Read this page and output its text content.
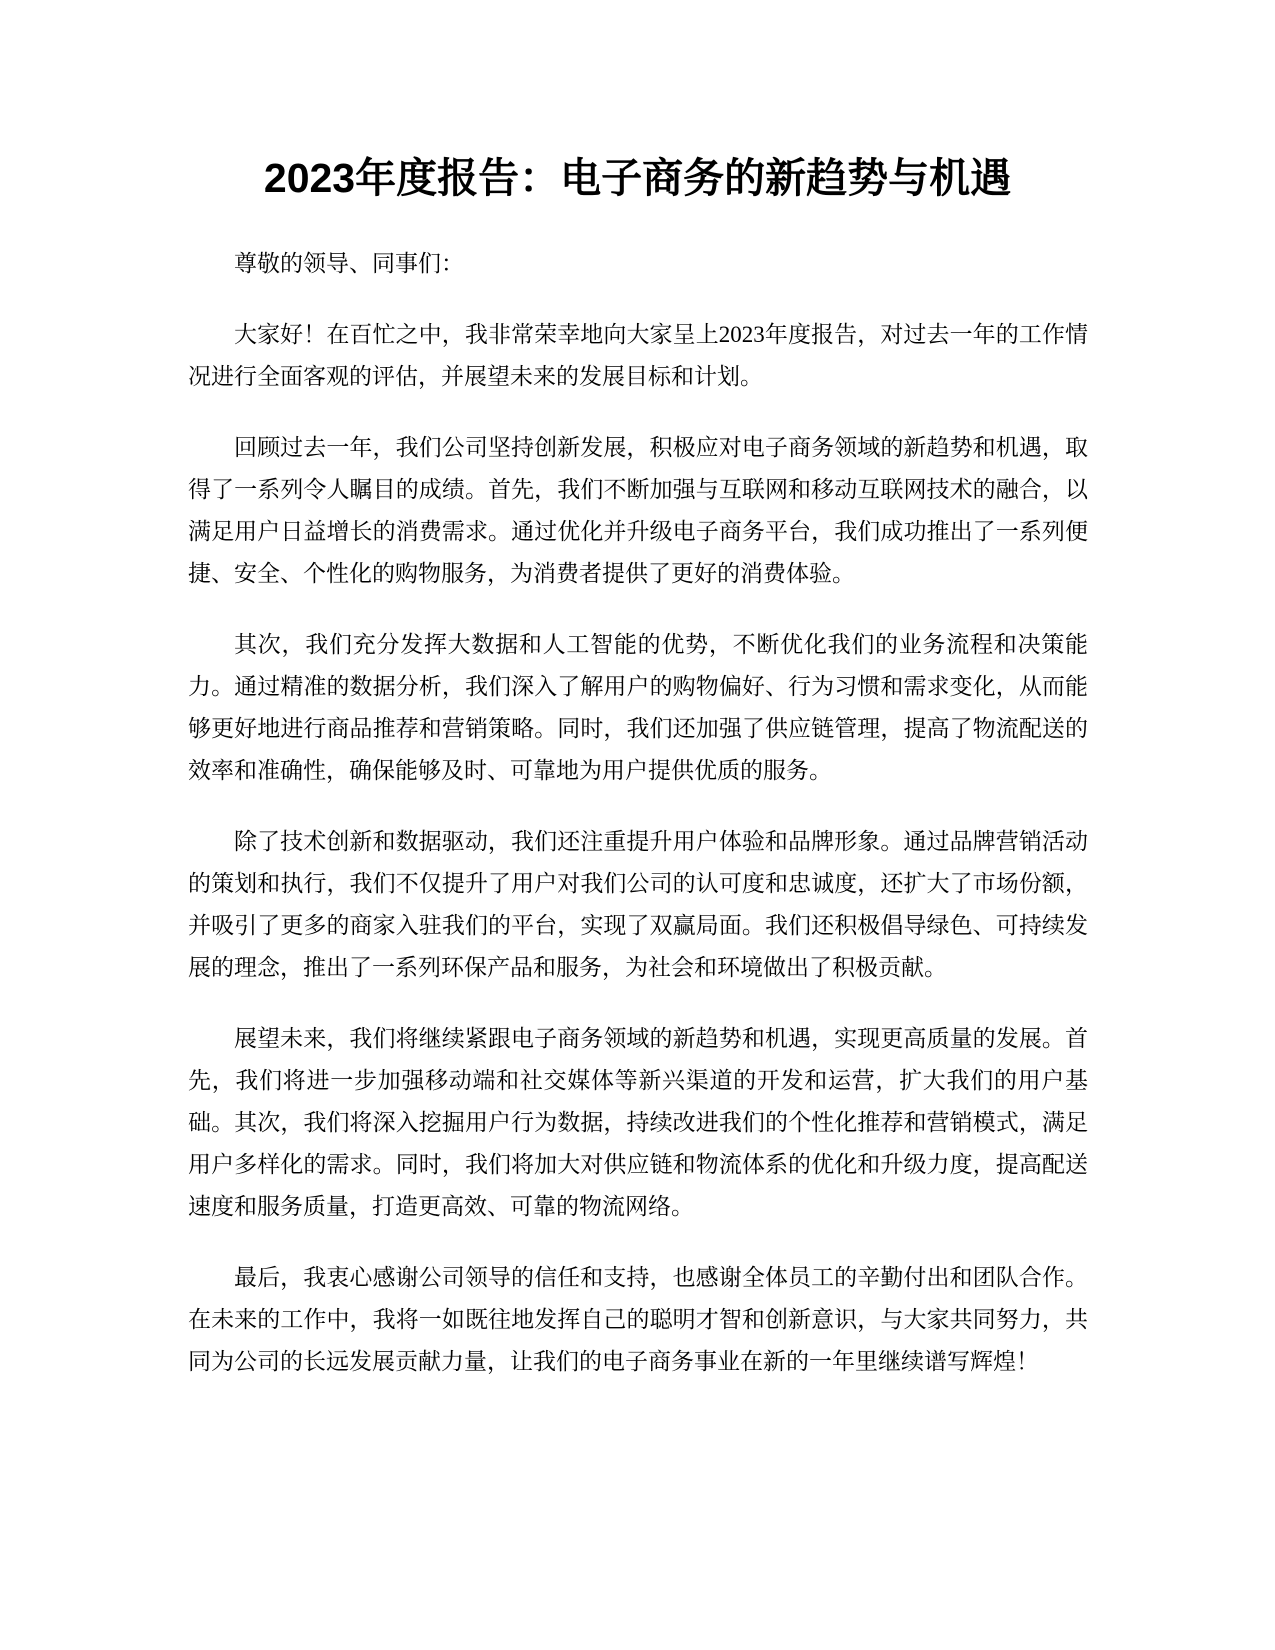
2023年度报告：电子商务的新趋势与机遇

尊敬的领导、同事们：

大家好！在百忙之中，我非常荣幸地向大家呈上2023年度报告，对过去一年的工作情况进行全面客观的评估，并展望未来的发展目标和计划。

回顾过去一年，我们公司坚持创新发展，积极应对电子商务领域的新趋势和机遇，取得了一系列令人瞩目的成绩。首先，我们不断加强与互联网和移动互联网技术的融合，以满足用户日益增长的消费需求。通过优化并升级电子商务平台，我们成功推出了一系列便捷、安全、个性化的购物服务，为消费者提供了更好的消费体验。

其次，我们充分发挥大数据和人工智能的优势，不断优化我们的业务流程和决策能力。通过精准的数据分析，我们深入了解用户的购物偏好、行为习惯和需求变化，从而能够更好地进行商品推荐和营销策略。同时，我们还加强了供应链管理，提高了物流配送的效率和准确性，确保能够及时、可靠地为用户提供优质的服务。

除了技术创新和数据驱动，我们还注重提升用户体验和品牌形象。通过品牌营销活动的策划和执行，我们不仅提升了用户对我们公司的认可度和忠诚度，还扩大了市场份额，并吸引了更多的商家入驻我们的平台，实现了双赢局面。我们还积极倡导绿色、可持续发展的理念，推出了一系列环保产品和服务，为社会和环境做出了积极贡献。

展望未来，我们将继续紧跟电子商务领域的新趋势和机遇，实现更高质量的发展。首先，我们将进一步加强移动端和社交媒体等新兴渠道的开发和运营，扩大我们的用户基础。其次，我们将深入挖掘用户行为数据，持续改进我们的个性化推荐和营销模式，满足用户多样化的需求。同时，我们将加大对供应链和物流体系的优化和升级力度，提高配送速度和服务质量，打造更高效、可靠的物流网络。

最后，我衷心感谢公司领导的信任和支持，也感谢全体员工的辛勤付出和团队合作。在未来的工作中，我将一如既往地发挥自己的聪明才智和创新意识，与大家共同努力，共同为公司的长远发展贡献力量，让我们的电子商务事业在新的一年里继续谱写辉煌！
